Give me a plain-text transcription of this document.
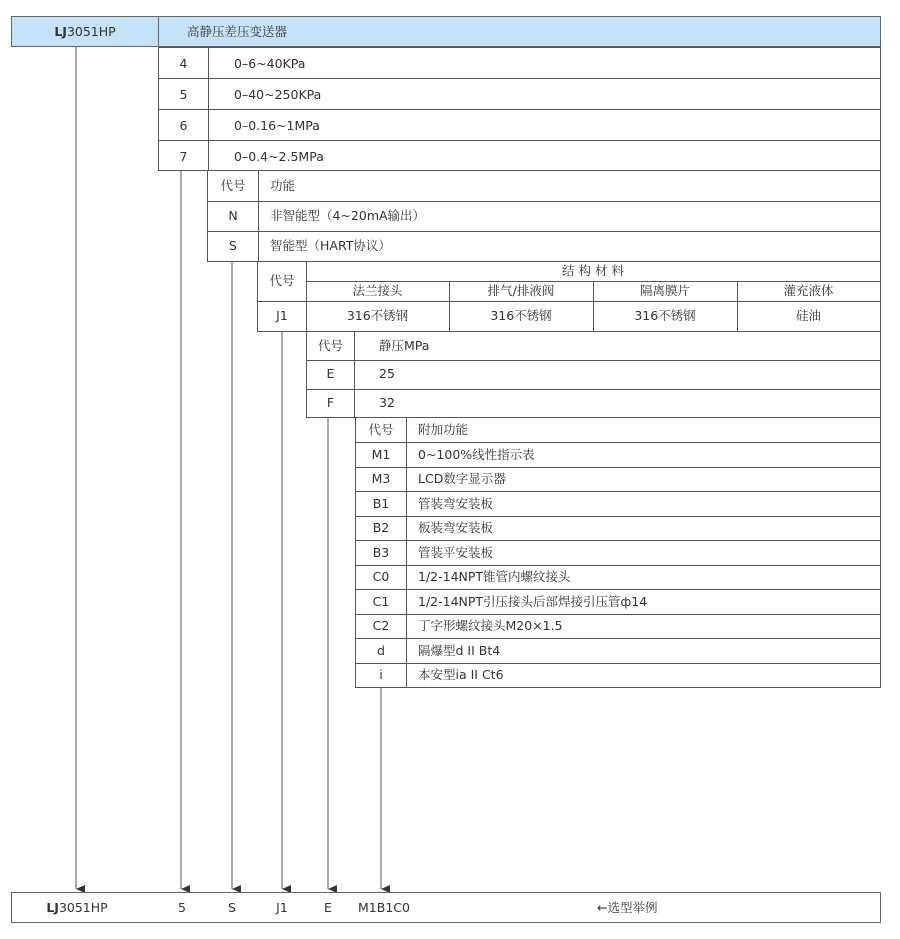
LJ3051HP	高静压差压变送器
4	0–6~40KPa
5	0–40~250KPa
6	0–0.16~1MPa
7	0–0.4~2.5MPa
代号	功能
N	非智能型（4~20mA输出）
S	智能型（HART协议）
代号
结 构 材 料
法兰接头	排气/排液阀	隔离膜片	灌充液体
J1	316不锈钢	316不锈钢	316不锈钢	硅油
代号	静压MPa
E	25
F	32
代号	附加功能
M1	0~100%线性指示表
M3	LCD数字显示器
B1	管装弯安装板
B2	板装弯安装板
B3	管装平安装板
C0	1/2-14NPT锥管内螺纹接头
C1	1/2-14NPT引压接头后部焊接引压管ф14
C2	丁字形螺纹接头M20×1.5
d	隔爆型d II Bt4
i	本安型ia II Ct6
LJ3051HP	5	S	J1	E	M1B1C0	←选型举例
